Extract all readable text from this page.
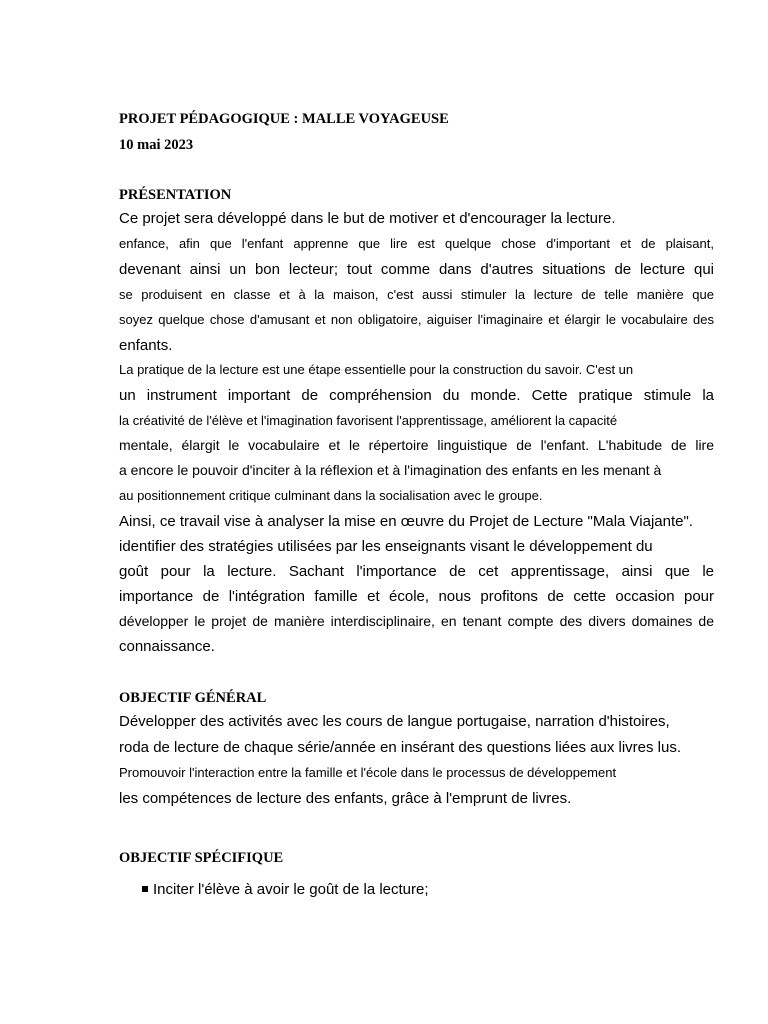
PROJET PÉDAGOGIQUE : MALLE VOYAGEUSE
10 mai 2023
PRÉSENTATION
Ce projet sera développé dans le but de motiver et d'encourager la lecture.
enfance, afin que l'enfant apprenne que lire est quelque chose d'important et de plaisant,
devenant ainsi un bon lecteur; tout comme dans d'autres situations de lecture qui
se produisent en classe et à la maison, c'est aussi stimuler la lecture de telle manière que
soyez quelque chose d'amusant et non obligatoire, aiguiser l'imaginaire et élargir le vocabulaire des
enfants.
La pratique de la lecture est une étape essentielle pour la construction du savoir. C'est un
un instrument important de compréhension du monde. Cette pratique stimule la
la créativité de l'élève et l'imagination favorisent l'apprentissage, améliorent la capacité
mentale, élargit le vocabulaire et le répertoire linguistique de l'enfant. L'habitude de lire
a encore le pouvoir d'inciter à la réflexion et à l'imagination des enfants en les menant à
au positionnement critique culminant dans la socialisation avec le groupe.
Ainsi, ce travail vise à analyser la mise en œuvre du Projet de Lecture "Mala Viajante".
identifier des stratégies utilisées par les enseignants visant le développement du
goût pour la lecture. Sachant l'importance de cet apprentissage, ainsi que le
importance de l'intégration famille et école, nous profitons de cette occasion pour
développer le projet de manière interdisciplinaire, en tenant compte des divers domaines de
connaissance.
OBJECTIF GÉNÉRAL
Développer des activités avec les cours de langue portugaise, narration d'histoires,
roda de lecture de chaque série/année en insérant des questions liées aux livres lus.
Promouvoir l'interaction entre la famille et l'école dans le processus de développement
les compétences de lecture des enfants, grâce à l'emprunt de livres.
OBJECTIF SPÉCIFIQUE
Inciter l'élève à avoir le goût de la lecture;
